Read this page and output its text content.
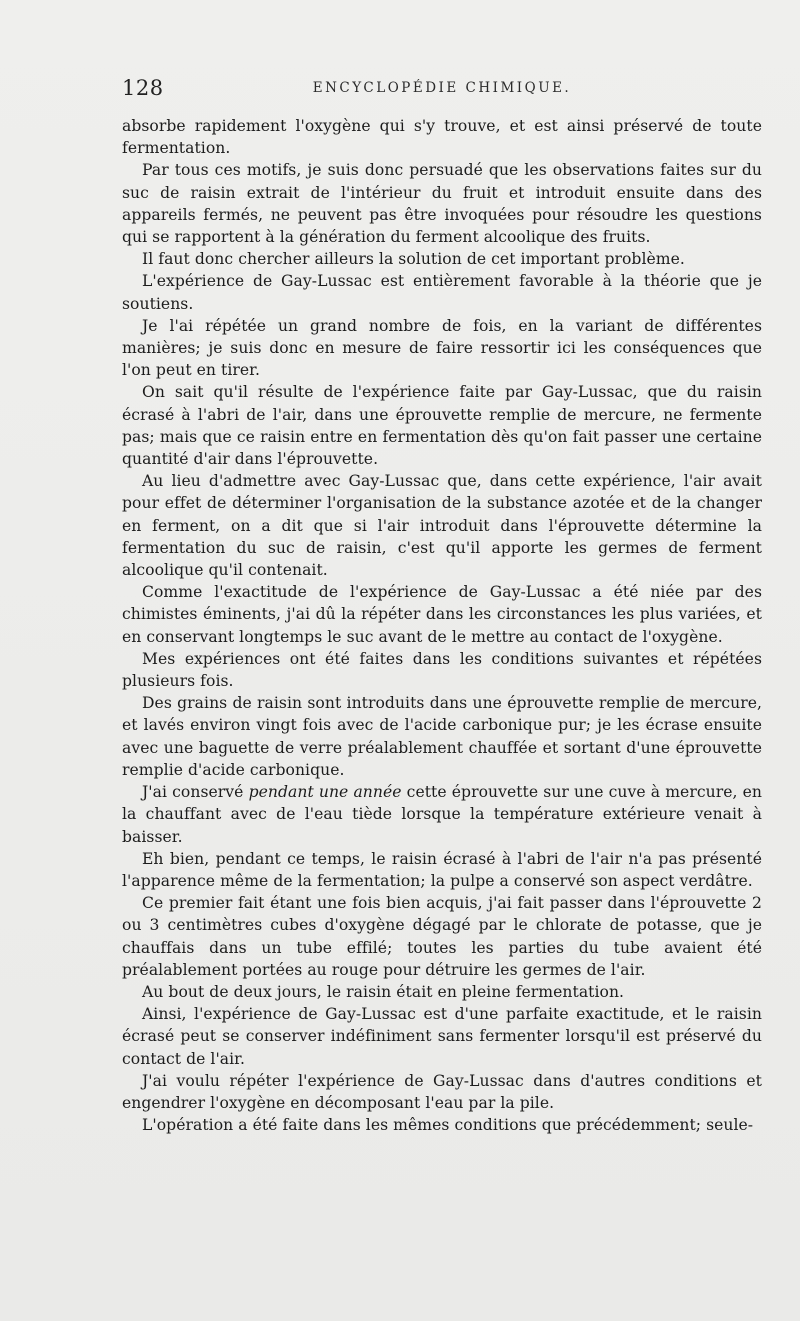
128	ENCYCLOPÉDIE CHIMIQUE.

absorbe rapidement l'oxygène qui s'y trouve, et est ainsi préservé de toute fermentation.

Par tous ces motifs, je suis donc persuadé que les observations faites sur du suc de raisin extrait de l'intérieur du fruit et introduit ensuite dans des appareils fermés, ne peuvent pas être invoquées pour résoudre les questions qui se rapportent à la génération du ferment alcoolique des fruits.

Il faut donc chercher ailleurs la solution de cet important problème.

L'expérience de Gay-Lussac est entièrement favorable à la théorie que je soutiens.

Je l'ai répétée un grand nombre de fois, en la variant de différentes manières; je suis donc en mesure de faire ressortir ici les conséquences que l'on peut en tirer.

On sait qu'il résulte de l'expérience faite par Gay-Lussac, que du raisin écrasé à l'abri de l'air, dans une éprouvette remplie de mercure, ne fermente pas; mais que ce raisin entre en fermentation dès qu'on fait passer une certaine quantité d'air dans l'éprouvette.

Au lieu d'admettre avec Gay-Lussac que, dans cette expérience, l'air avait pour effet de déterminer l'organisation de la substance azotée et de la changer en ferment, on a dit que si l'air introduit dans l'éprouvette détermine la fermentation du suc de raisin, c'est qu'il apporte les germes de ferment alcoolique qu'il contenait.

Comme l'exactitude de l'expérience de Gay-Lussac a été niée par des chimistes éminents, j'ai dû la répéter dans les circonstances les plus variées, et en conservant longtemps le suc avant de le mettre au contact de l'oxygène.

Mes expériences ont été faites dans les conditions suivantes et répétées plusieurs fois.

Des grains de raisin sont introduits dans une éprouvette remplie de mercure, et lavés environ vingt fois avec de l'acide carbonique pur; je les écrase ensuite avec une baguette de verre préalablement chauffée et sortant d'une éprouvette remplie d'acide carbonique.

J'ai conservé pendant une année cette éprouvette sur une cuve à mercure, en la chauffant avec de l'eau tiède lorsque la température extérieure venait à baisser.

Eh bien, pendant ce temps, le raisin écrasé à l'abri de l'air n'a pas présenté l'apparence même de la fermentation; la pulpe a conservé son aspect verdâtre.

Ce premier fait étant une fois bien acquis, j'ai fait passer dans l'éprouvette 2 ou 3 centimètres cubes d'oxygène dégagé par le chlorate de potasse, que je chauffais dans un tube effilé; toutes les parties du tube avaient été préalablement portées au rouge pour détruire les germes de l'air.

Au bout de deux jours, le raisin était en pleine fermentation.

Ainsi, l'expérience de Gay-Lussac est d'une parfaite exactitude, et le raisin écrasé peut se conserver indéfiniment sans fermenter lorsqu'il est préservé du contact de l'air.

J'ai voulu répéter l'expérience de Gay-Lussac dans d'autres conditions et engendrer l'oxygène en décomposant l'eau par la pile.

L'opération a été faite dans les mêmes conditions que précédemment; seule-
